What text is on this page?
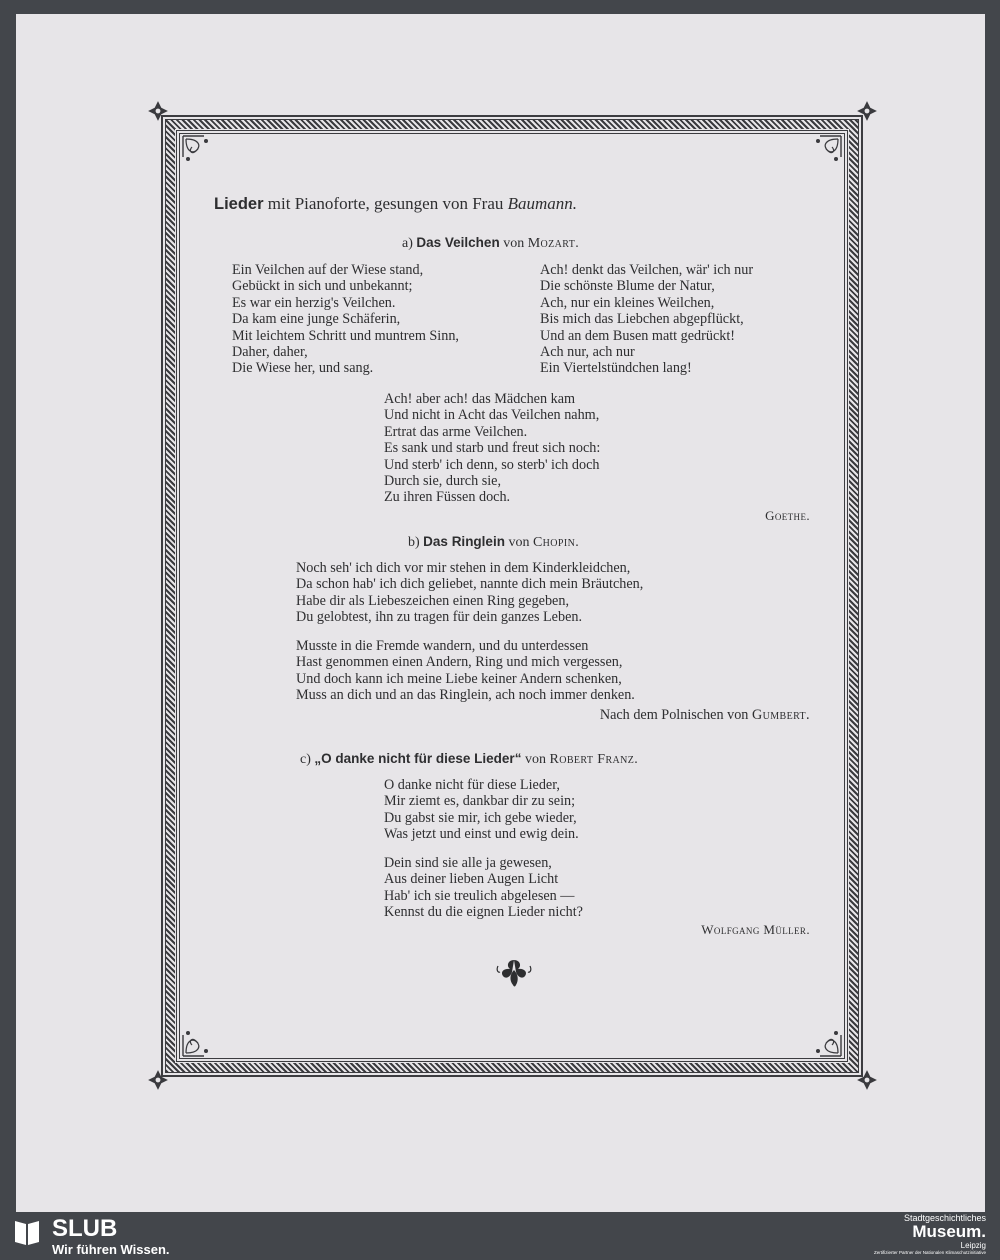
Lieder mit Pianoforte, gesungen von Frau Baumann.
a) Das Veilchen von Mozart.
Ein Veilchen auf der Wiese stand,
Gebückt in sich und unbekannt;
Es war ein herzig's Veilchen.
Da kam eine junge Schäferin,
Mit leichtem Schritt und muntrem Sinn,
Daher, daher,
Die Wiese her, und sang.
Ach! denkt das Veilchen, wär' ich nur
Die schönste Blume der Natur,
Ach, nur ein kleines Weilchen,
Bis mich das Liebchen abgepflückt,
Und an dem Busen matt gedrückt!
Ach nur, ach nur
Ein Viertelstündchen lang!
Ach! aber ach! das Mädchen kam
Und nicht in Acht das Veilchen nahm,
Ertrat das arme Veilchen.
Es sank und starb und freut sich noch:
Und sterb' ich denn, so sterb' ich doch
Durch sie, durch sie,
Zu ihren Füssen doch.
Goethe.
b) Das Ringlein von Chopin.
Noch seh' ich dich vor mir stehen in dem Kinderkleidchen,
Da schon hab' ich dich geliebet, nannte dich mein Bräutchen,
Habe dir als Liebeszeichen einen Ring gegeben,
Du gelobtest, ihn zu tragen für dein ganzes Leben.
Musste in die Fremde wandern, und du unterdessen
Hast genommen einen Andern, Ring und mich vergessen,
Und doch kann ich meine Liebe keiner Andern schenken,
Muss an dich und an das Ringlein, ach noch immer denken.
Nach dem Polnischen von Gumbert.
c) „O danke nicht für diese Lieder“ von Robert Franz.
O danke nicht für diese Lieder,
Mir ziemt es, dankbar dir zu sein;
Du gabst sie mir, ich gebe wieder,
Was jetzt und einst und ewig dein.
Dein sind sie alle ja gewesen,
Aus deiner lieben Augen Licht
Hab' ich sie treulich abgelesen —
Kennst du die eignen Lieder nicht?
Wolfgang Müller.
SLUB
Wir führen Wissen.
Stadtgeschichtliches
Museum.
Leipzig
Zertifizierter Partner der Nationalen Klimaschutzinitiative
